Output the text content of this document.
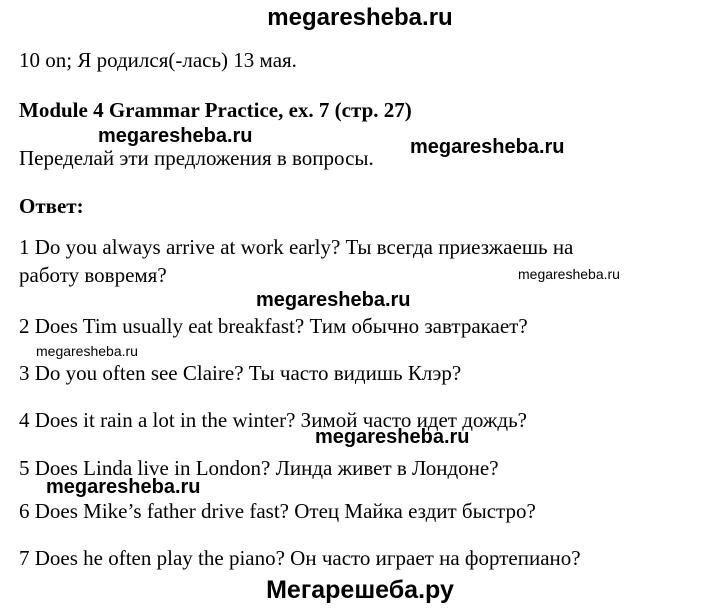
megaresheba.ru
10 on; Я родился(-лась) 13 мая.
Module 4 Grammar Practice, ex. 7 (стр. 27)
Переделай эти предложения в вопросы.
Ответ:
1 Do you always arrive at work early? Ты всегда приезжаешь на
работу вовремя?
2 Does Tim usually eat breakfast? Тим обычно завтракает?
3 Do you often see Claire? Ты часто видишь Клэр?
4 Does it rain a lot in the winter? Зимой часто идет дождь?
5 Does Linda live in London? Линда живет в Лондоне?
6 Does Mike’s father drive fast? Отец Майка ездит быстро?
7 Does he often play the piano? Он часто играет на фортепиано?
megaresheba.ru	megaresheba.ru
megaresheba.ru
megaresheba.ru
megaresheba.ru
megaresheba.ru
megaresheba.ru
Мегарешеба.ру
